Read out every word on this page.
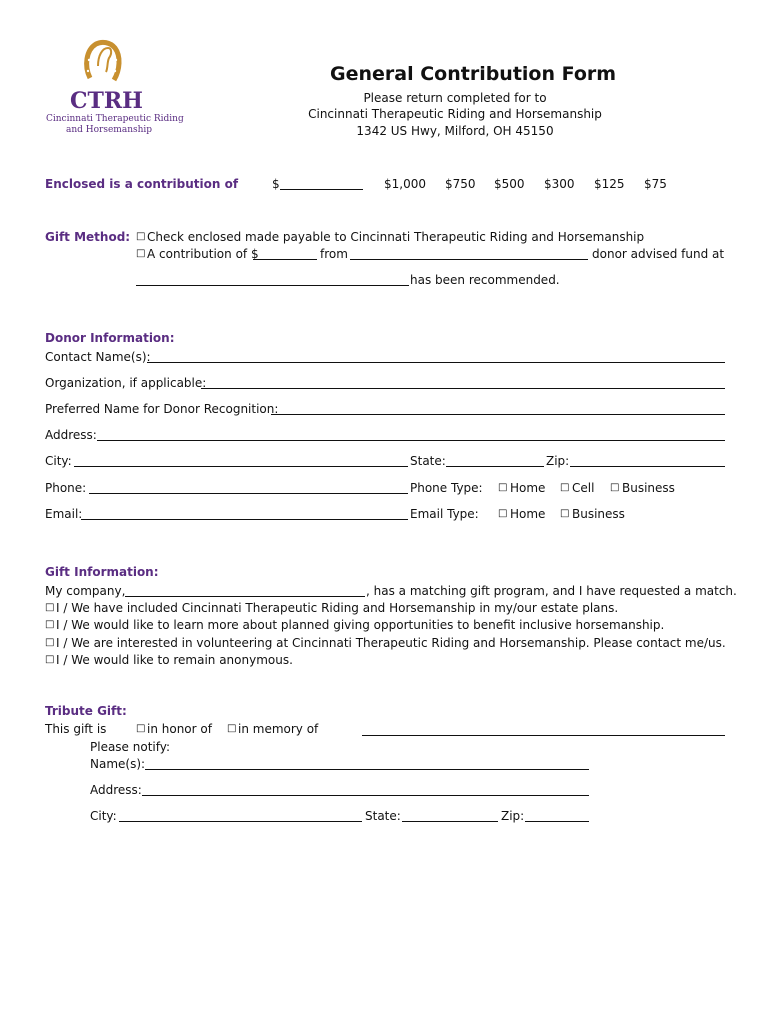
CTRH
Cincinnati Therapeutic Riding
and Horsemanship
General Contribution Form
Please return completed for to
Cincinnati Therapeutic Riding and Horsemanship
1342 US Hwy, Milford, OH 45150
Enclosed is a contribution of	$	$1,000 $750 $500 $300 $125 $75
Gift Method: □ Check enclosed made payable to Cincinnati Therapeutic Riding and Horsemanship
□ A contribution of $	from	donor advised fund at
has been recommended.
Donor Information:
Contact Name(s):
Organization, if applicable:
Preferred Name for Donor Recognition:
Address:
City:	State:	Zip:
Phone:	Phone Type: □ Home □ Cell □ Business
Email:	Email Type: □ Home □ Business
Gift Information:
My company,	, has a matching gift program, and I have requested a match.
□ I / We have included Cincinnati Therapeutic Riding and Horsemanship in my/our estate plans.
□ I / We would like to learn more about planned giving opportunities to benefit inclusive horsemanship.
□ I / We are interested in volunteering at Cincinnati Therapeutic Riding and Horsemanship. Please contact me/us.
□ I / We would like to remain anonymous.
Tribute Gift:
This gift is	□ in honor of □ in memory of
Please notify:
Name(s):
Address:
City:	State:	Zip:
